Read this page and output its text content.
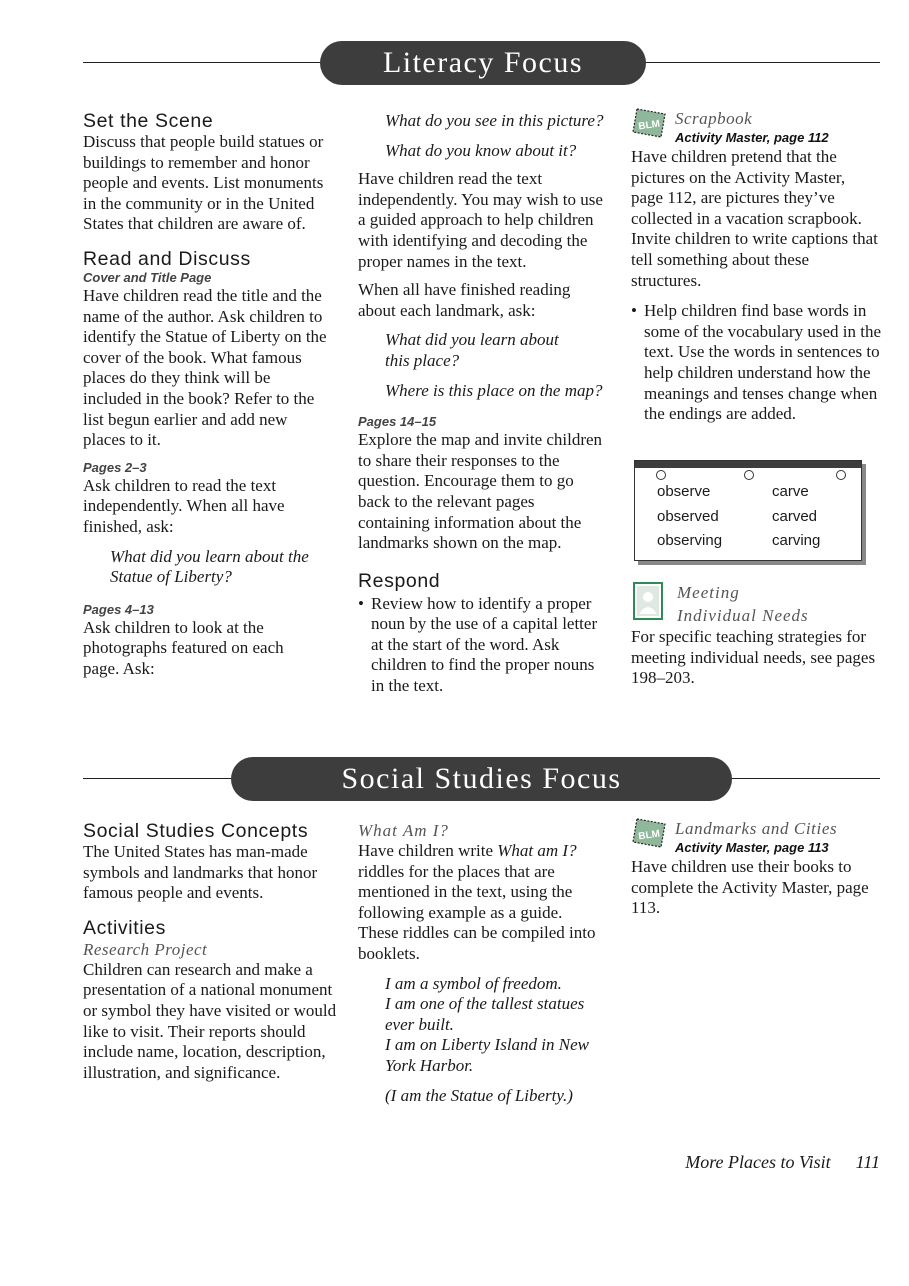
Literacy Focus
Set the Scene

Discuss that people build statues or buildings to remember and honor people and events. List monuments in the community or in the United States that children are aware of.

Read and Discuss
Cover and Title Page

Have children read the title and the name of the author. Ask children to identify the Statue of Liberty on the cover of the book. What famous places do they think will be included in the book? Refer to the list begun earlier and add new places to it.

Pages 2–3

Ask children to read the text independently. When all have finished, ask:

What did you learn about the Statue of Liberty?

Pages 4–13

Ask children to look at the photographs featured on each page. Ask:

What do you see in this picture?

What do you know about it?

Have children read the text independently. You may wish to use a guided approach to help children with identifying and decoding the proper names in the text.

When all have finished reading about each landmark, ask:

What did you learn about this place?

Where is this place on the map?

Pages 14–15

Explore the map and invite children to share their responses to the question. Encourage them to go back to the relevant pages containing information about the landmarks shown on the map.

Respond
• Review how to identify a proper noun by the use of a capital letter at the start of the word. Ask children to find the proper nouns in the text.
BLM Scrapbook
Activity Master, page 112

Have children pretend that the pictures on the Activity Master, page 112, are pictures they’ve collected in a vacation scrapbook. Invite children to write captions that tell something about these structures.

• Help children find base words in some of the vocabulary used in the text. Use the words in sentences to help children understand how the meanings and tenses change when the endings are added.
observe	carve
observed	carved
observing	carving
Meeting
Individual Needs

For specific teaching strategies for meeting individual needs, see pages 198–203.

Social Studies Focus
Social Studies Concepts

The United States has man-made symbols and landmarks that honor famous people and events.

Activities
Research Project

Children can research and make a presentation of a national monument or symbol they have visited or would like to visit. Their reports should include name, location, description, illustration, and significance.

What Am I?

Have children write What am I? riddles for the places that are mentioned in the text, using the following example as a guide. These riddles can be compiled into booklets.

I am a symbol of freedom.
I am one of the tallest statues ever built.
I am on Liberty Island in New York Harbor.
(I am the Statue of Liberty.)
BLM Landmarks and Cities
Activity Master, page 113

Have children use their books to complete the Activity Master, page 113.

More Places to Visit 111
